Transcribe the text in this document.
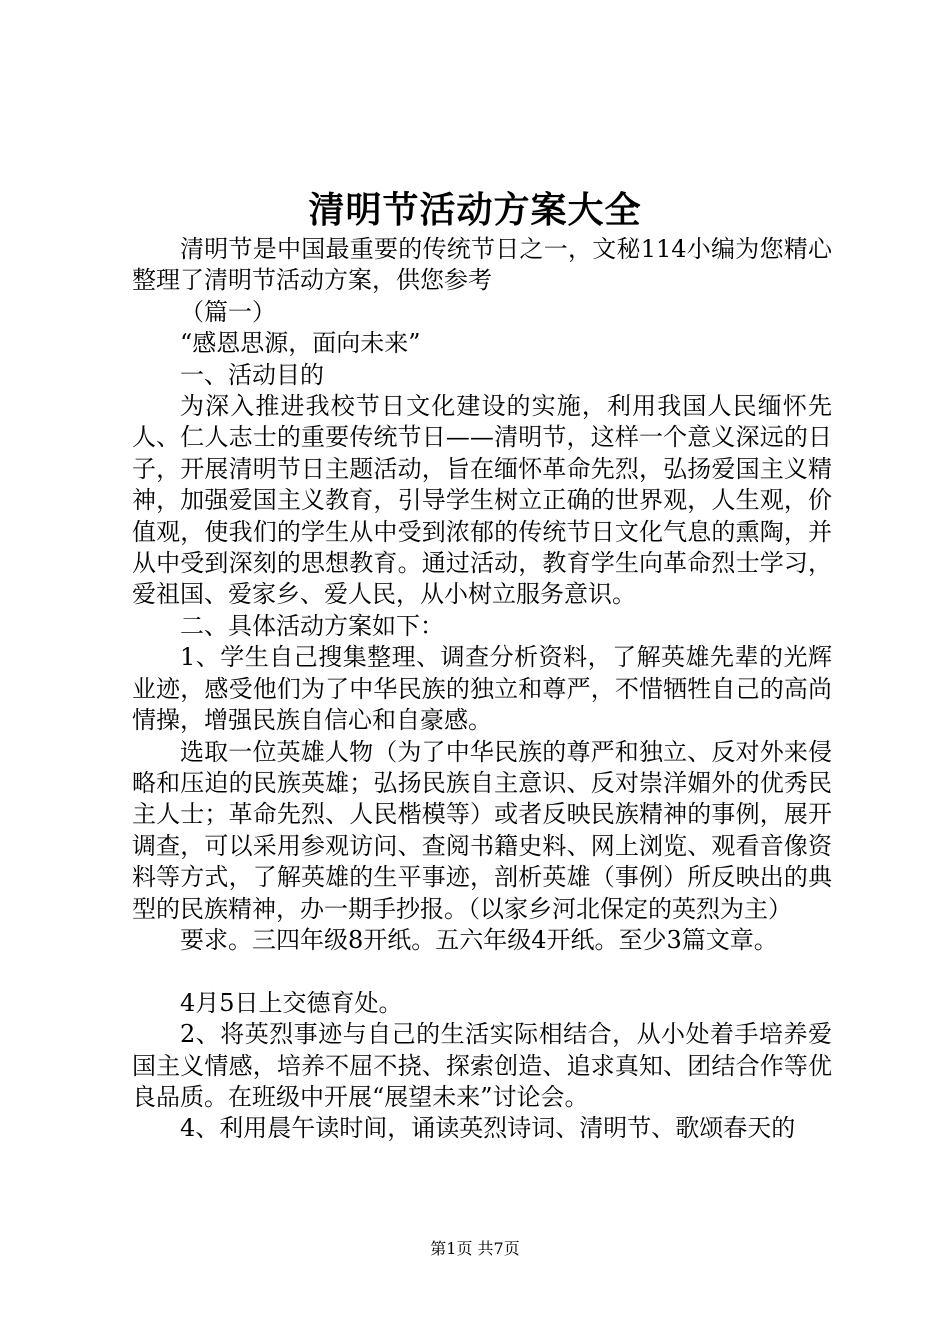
清明节活动方案大全

清明节是中国最重要的传统节日之一，文秘114小编为您精心整理了清明节活动方案，供您参考

（篇一）

“感恩思源，面向未来”

一、活动目的

为深入推进我校节日文化建设的实施，利用我国人民缅怀先人、仁人志士的重要传统节日——清明节，这样一个意义深远的日子，开展清明节日主题活动，旨在缅怀革命先烈，弘扬爱国主义精神，加强爱国主义教育，引导学生树立正确的世界观，人生观，价值观，使我们的学生从中受到浓郁的传统节日文化气息的熏陶，并从中受到深刻的思想教育。通过活动，教育学生向革命烈士学习，爱祖国、爱家乡、爱人民，从小树立服务意识。

二、具体活动方案如下：

1、学生自己搜集整理、调查分析资料，了解英雄先辈的光辉业迹，感受他们为了中华民族的独立和尊严，不惜牺牲自己的高尚情操，增强民族自信心和自豪感。

选取一位英雄人物（为了中华民族的尊严和独立、反对外来侵略和压迫的民族英雄；弘扬民族自主意识、反对崇洋媚外的优秀民主人士；革命先烈、人民楷模等）或者反映民族精神的事例，展开调查，可以采用参观访问、查阅书籍史料、网上浏览、观看音像资料等方式，了解英雄的生平事迹，剖析英雄（事例）所反映出的典型的民族精神，办一期手抄报。（以家乡河北保定的英烈为主）

要求。三四年级8开纸。五六年级4开纸。至少3篇文章。

4月5日上交德育处。

2、将英烈事迹与自己的生活实际相结合，从小处着手培养爱国主义情感，培养不屈不挠、探索创造、追求真知、团结合作等优良品质。在班级中开展“展望未来”讨论会。

4、利用晨午读时间，诵读英烈诗词、清明节、歌颂春天的

第1页 共7页
